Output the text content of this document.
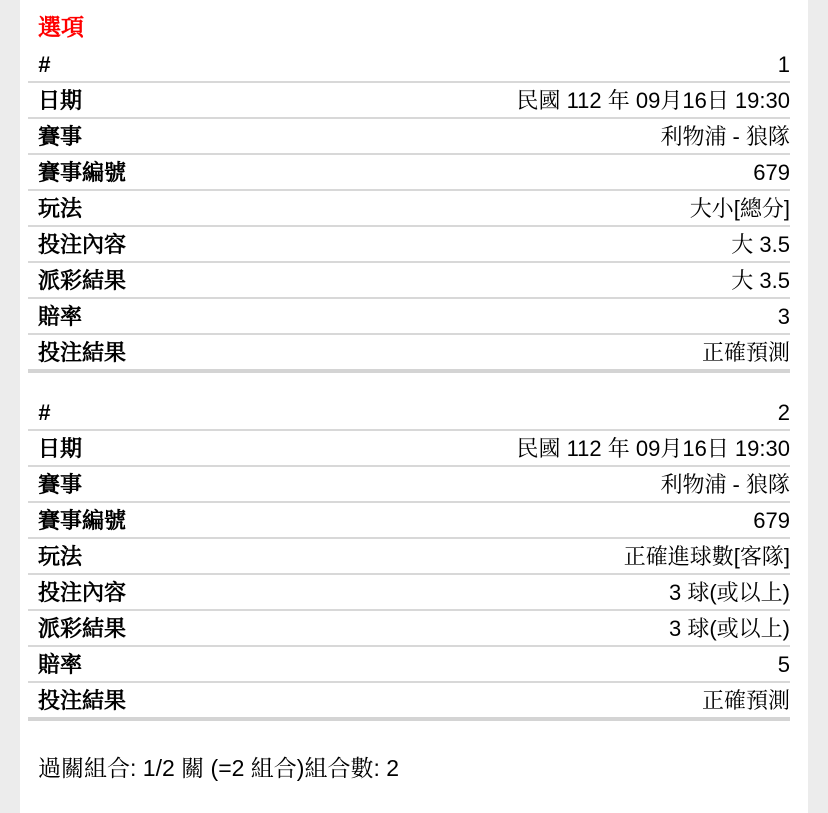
選項
#	1
日期	民國 112 年 09月16日 19:30
賽事	利物浦 - 狼隊
賽事編號	679
玩法	大小[總分]
投注內容	大 3.5
派彩結果	大 3.5
賠率	3
投注結果	正確預測
#	2
日期	民國 112 年 09月16日 19:30
賽事	利物浦 - 狼隊
賽事編號	679
玩法	正確進球數[客隊]
投注內容	3 球(或以上)
派彩結果	3 球(或以上)
賠率	5
投注結果	正確預測
過關組合: 1/2 關 (=2 組合)組合數: 2
